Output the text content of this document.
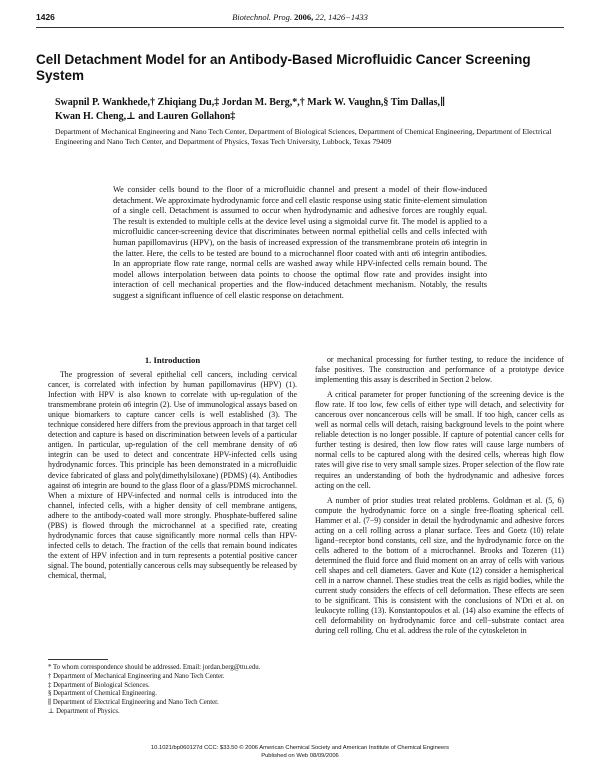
1426	Biotechnol. Prog. 2006, 22, 1426−1433
Cell Detachment Model for an Antibody-Based Microfluidic Cancer Screening System
Swapnil P. Wankhede,† Zhiqiang Du,‡ Jordan M. Berg,*,† Mark W. Vaughn,§ Tim Dallas,∥
Kwan H. Cheng,⊥ and Lauren Gollahon‡
Department of Mechanical Engineering and Nano Tech Center, Department of Biological Sciences, Department of Chemical Engineering, Department of Electrical Engineering and Nano Tech Center, and Department of Physics, Texas Tech University, Lubbock, Texas 79409
We consider cells bound to the floor of a microfluidic channel and present a model of their flow-induced detachment. We approximate hydrodynamic force and cell elastic response using static finite-element simulation of a single cell. Detachment is assumed to occur when hydrodynamic and adhesive forces are roughly equal. The result is extended to multiple cells at the device level using a sigmoidal curve fit. The model is applied to a microfluidic cancer-screening device that discriminates between normal epithelial cells and cells infected with human papillomavirus (HPV), on the basis of increased expression of the transmembrane protein α6 integrin in the latter. Here, the cells to be tested are bound to a microchannel floor coated with anti α6 integrin antibodies. In an appropriate flow rate range, normal cells are washed away while HPV-infected cells remain bound. The model allows interpolation between data points to choose the optimal flow rate and provides insight into interaction of cell mechanical properties and the flow-induced detachment mechanism. Notably, the results suggest a significant influence of cell elastic response on detachment.

1. Introduction

The progression of several epithelial cell cancers, including cervical cancer, is correlated with infection by human papillomavirus (HPV) (1). Infection with HPV is also known to correlate with up-regulation of the transmembrane protein α6 integrin (2). Use of immunological assays based on unique biomarkers to capture cancer cells is well established (3). The technique considered here differs from the previous approach in that target cell detection and capture is based on discrimination between levels of a particular antigen. In particular, up-regulation of the cell membrane density of α6 integrin can be used to detect and concentrate HPV-infected cells using hydrodynamic forces. This principle has been demonstrated in a microfluidic device fabricated of glass and poly(dimethylsiloxane) (PDMS) (4). Antibodies against α6 integrin are bound to the glass floor of a glass/PDMS microchannel. When a mixture of HPV-infected and normal cells is introduced into the channel, infected cells, with a higher density of cell membrane antigens, adhere to the antibody-coated wall more strongly. Phosphate-buffered saline (PBS) is flowed through the microchannel at a specified rate, creating hydrodynamic forces that cause significantly more normal cells than HPV-infected cells to detach. The fraction of the cells that remain bound indicates the extent of HPV infection and in turn represents a potential positive cancer signal. The bound, potentially cancerous cells may subsequently be released by chemical, thermal,

or mechanical processing for further testing, to reduce the incidence of false positives. The construction and performance of a prototype device implementing this assay is described in Section 2 below.

A critical parameter for proper functioning of the screening device is the flow rate. If too low, few cells of either type will detach, and selectivity for cancerous over noncancerous cells will be small. If too high, cancer cells as well as normal cells will detach, raising background levels to the point where reliable detection is no longer possible. If capture of potential cancer cells for further testing is desired, then low flow rates will cause large numbers of normal cells to be captured along with the desired cells, whereas high flow rates will give rise to very small sample sizes. Proper selection of the flow rate requires an understanding of both the hydrodynamic and adhesive forces acting on the cell.

A number of prior studies treat related problems. Goldman et al. (5, 6) compute the hydrodynamic force on a single free-floating spherical cell. Hammer et al. (7−9) consider in detail the hydrodynamic and adhesive forces acting on a cell rolling across a planar surface. Tees and Goetz (10) relate ligand−receptor bond constants, cell size, and the hydrodynamic force on the cells adhered to the bottom of a microchannel. Brooks and Tozeren (11) determined the fluid force and fluid moment on an array of cells with various cell shapes and cell diameters. Gaver and Kute (12) consider a hemispherical cell in a narrow channel. These studies treat the cells as rigid bodies, while the current study considers the effects of cell deformation. These effects are seen to be significant. This is consistent with the conclusions of N'Dri et al. on leukocyte rolling (13). Konstantopoulos et al. (14) also examine the effects of cell deformability on hydrodynamic force and cell−substrate contact area during cell rolling. Chu et al. address the role of the cytoskeleton in

* To whom correspondence should be addressed. Email: jordan.berg@ttu.edu.
† Department of Mechanical Engineering and Nano Tech Center.
‡ Department of Biological Sciences.
§ Department of Chemical Engineering.
∥ Department of Electrical Engineering and Nano Tech Center.
⊥ Department of Physics.
10.1021/bp060127d CCC: $33.50 © 2006 American Chemical Society and American Institute of Chemical Engineers
Published on Web 08/09/2006
